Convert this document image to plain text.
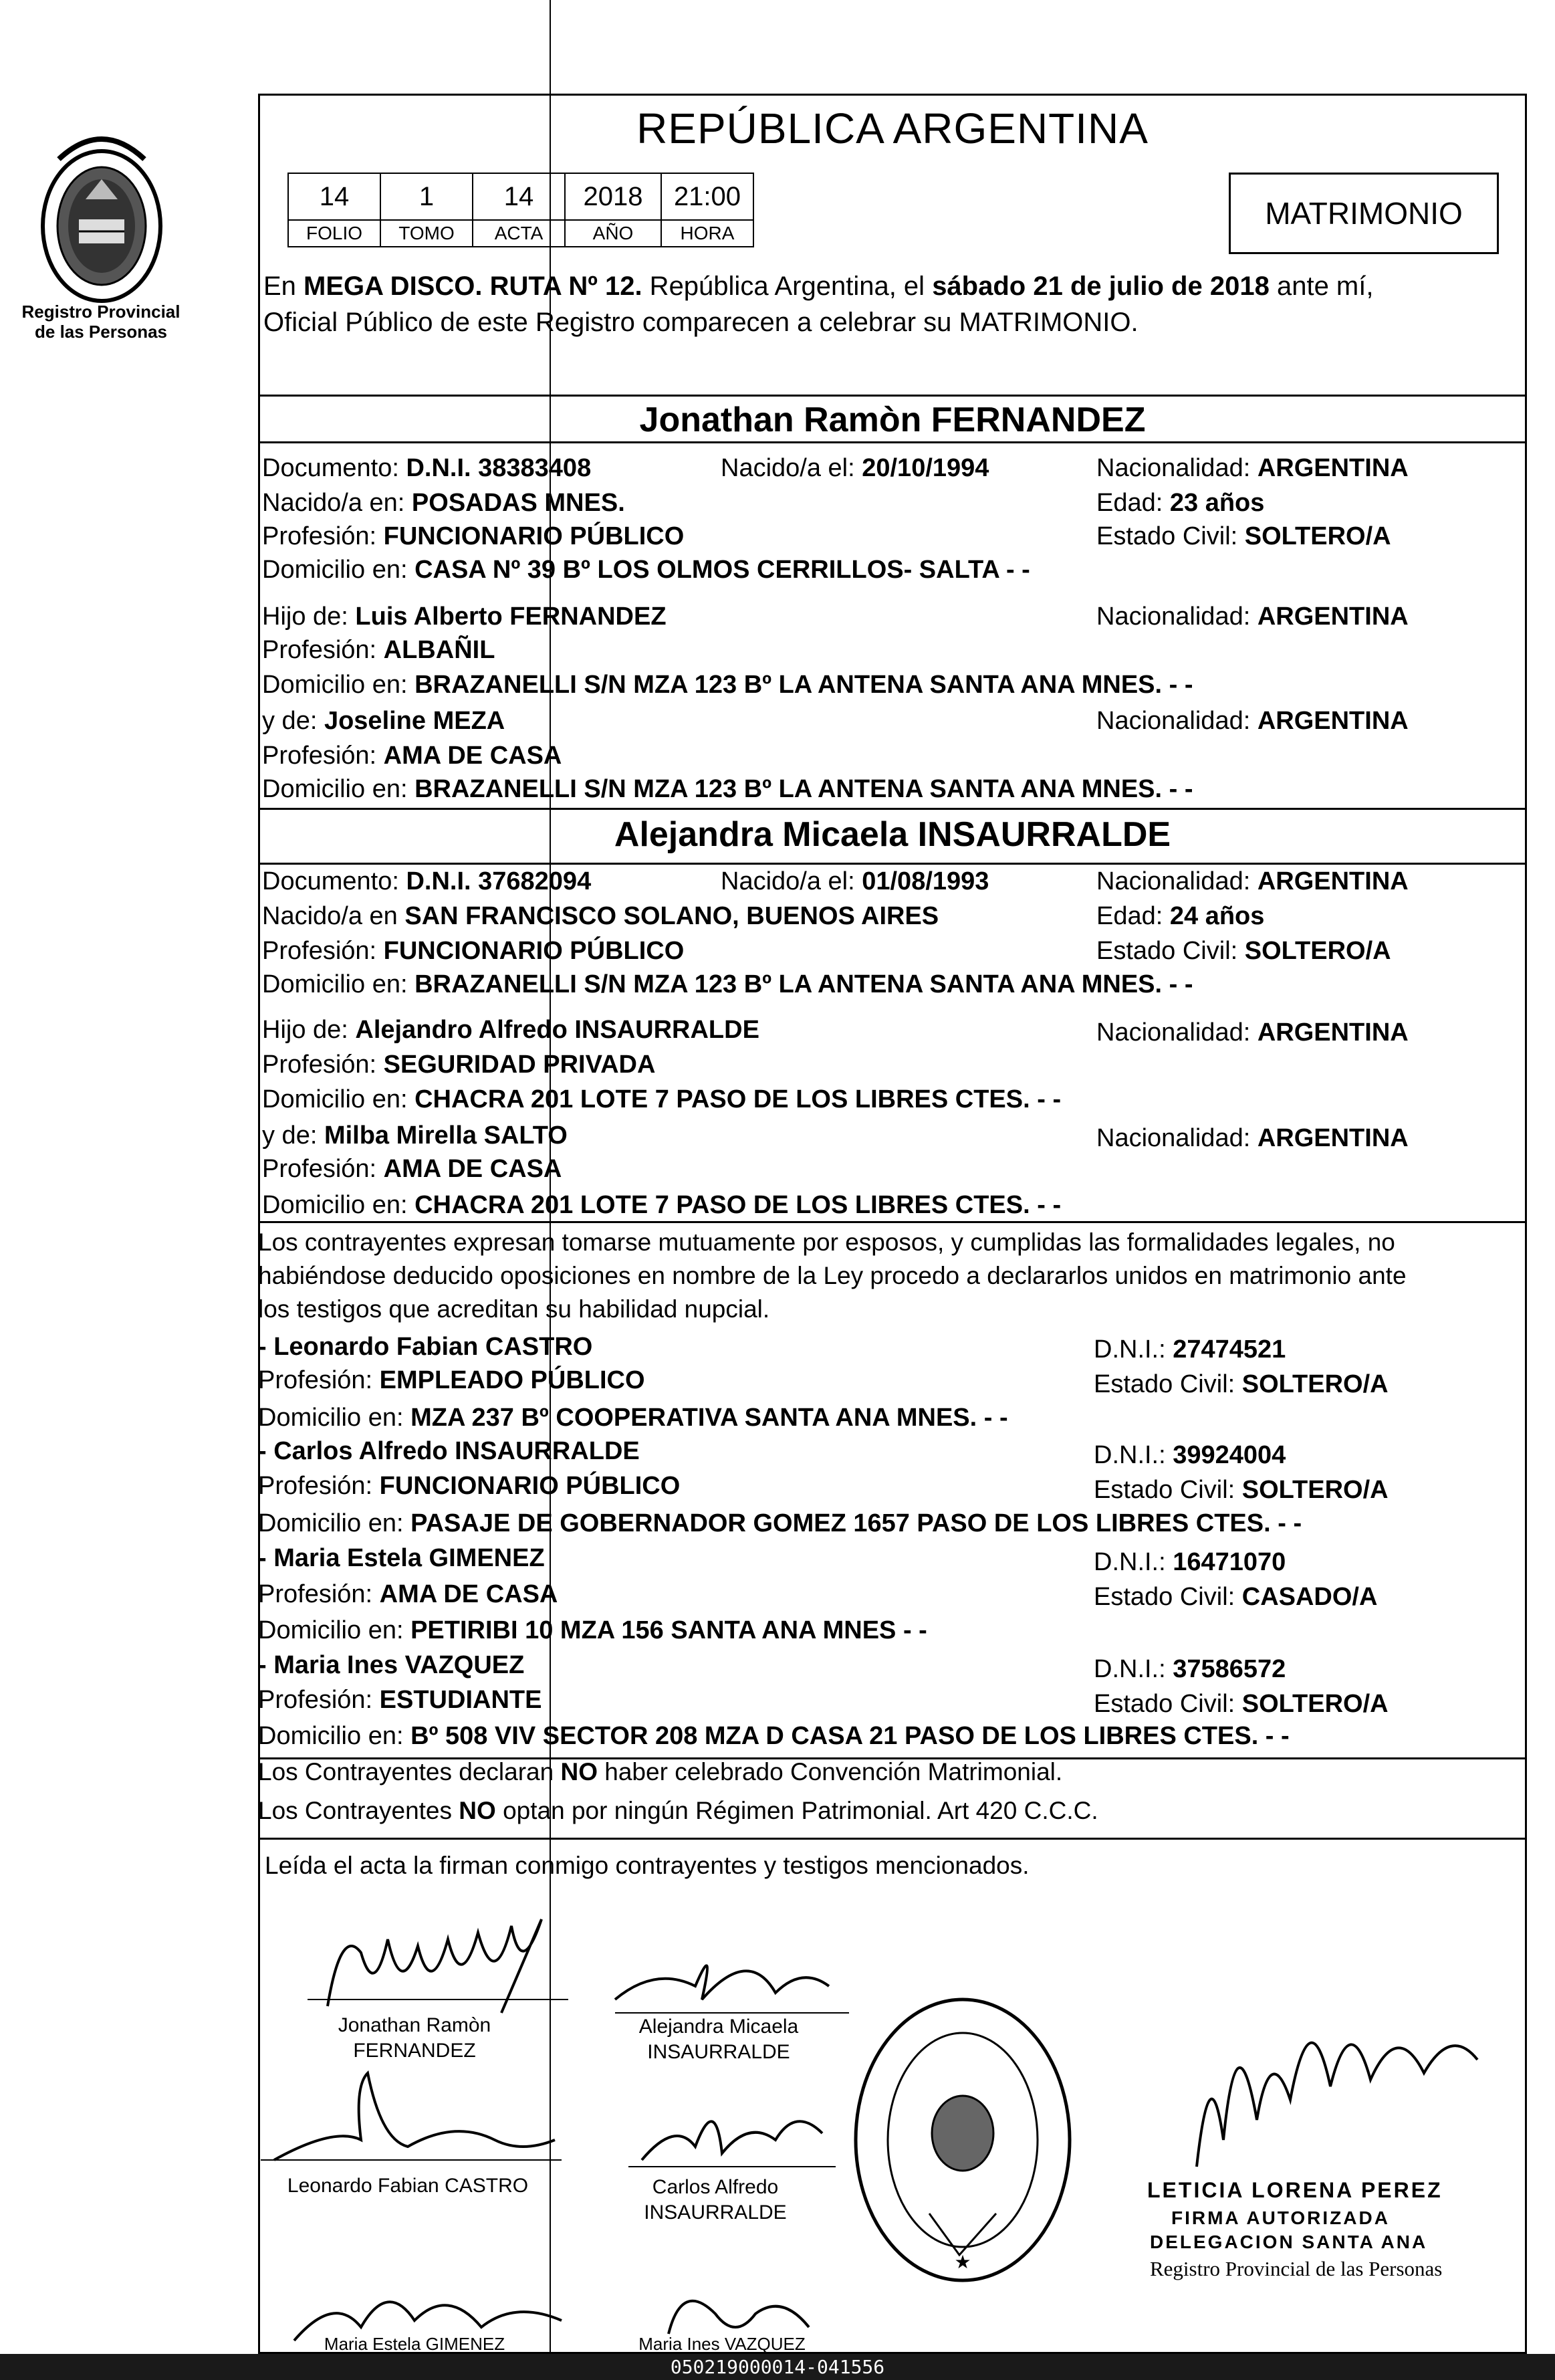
Registro Provincial
de las Personas
REPÚBLICA ARGENTINA
14	1	14	2018	21:00
FOLIO	TOMO	ACTA	AÑO	HORA
MATRIMONIO
En MEGA DISCO. RUTA Nº 12. República Argentina, el sábado 21 de julio de 2018 ante mí,
Oficial Público de este Registro comparecen a celebrar su MATRIMONIO.
Jonathan Ramòn FERNANDEZ
Documento: D.N.I. 38383408	Nacido/a el: 20/10/1994	Nacionalidad: ARGENTINA
Nacido/a en: POSADAS MNES.	Edad: 23 años
Profesión: FUNCIONARIO PÚBLICO	Estado Civil: SOLTERO/A
Domicilio en: CASA Nº 39 Bº LOS OLMOS CERRILLOS- SALTA - -
Hijo de: Luis Alberto FERNANDEZ	Nacionalidad: ARGENTINA
Profesión: ALBAÑIL
Domicilio en: BRAZANELLI S/N MZA 123 Bº LA ANTENA SANTA ANA MNES. - -
y de: Joseline MEZA	Nacionalidad: ARGENTINA
Profesión: AMA DE CASA
Domicilio en: BRAZANELLI S/N MZA 123 Bº LA ANTENA SANTA ANA MNES. - -
Alejandra Micaela INSAURRALDE
Documento: D.N.I. 37682094	Nacido/a el: 01/08/1993	Nacionalidad: ARGENTINA
Nacido/a en SAN FRANCISCO SOLANO, BUENOS AIRES	Edad: 24 años
Profesión: FUNCIONARIO PÚBLICO	Estado Civil: SOLTERO/A
Domicilio en: BRAZANELLI S/N MZA 123 Bº LA ANTENA SANTA ANA MNES. - -
Hijo de: Alejandro Alfredo INSAURRALDE	Nacionalidad: ARGENTINA
Profesión: SEGURIDAD PRIVADA
Domicilio en: CHACRA 201 LOTE 7 PASO DE LOS LIBRES CTES. - -
y de: Milba Mirella SALTO	Nacionalidad: ARGENTINA
Profesión: AMA DE CASA
Domicilio en: CHACRA 201 LOTE 7 PASO DE LOS LIBRES CTES. - -
Los contrayentes expresan tomarse mutuamente por esposos, y cumplidas las formalidades legales, no
habiéndose deducido oposiciones en nombre de la Ley procedo a declararlos unidos en matrimonio ante
los testigos que acreditan su habilidad nupcial.
- Leonardo Fabian CASTRO	D.N.I.: 27474521
Profesión: EMPLEADO PÚBLICO	Estado Civil: SOLTERO/A
Domicilio en: MZA 237 Bº COOPERATIVA SANTA ANA MNES. - -
- Carlos Alfredo INSAURRALDE	D.N.I.: 39924004
Profesión: FUNCIONARIO PÚBLICO	Estado Civil: SOLTERO/A
Domicilio en: PASAJE DE GOBERNADOR GOMEZ 1657 PASO DE LOS LIBRES CTES. - -
- Maria Estela GIMENEZ	D.N.I.: 16471070
Profesión: AMA DE CASA	Estado Civil: CASADO/A
Domicilio en: PETIRIBI 10 MZA 156 SANTA ANA MNES - -
- Maria Ines VAZQUEZ	D.N.I.: 37586572
Profesión: ESTUDIANTE	Estado Civil: SOLTERO/A
Domicilio en: Bº 508 VIV SECTOR 208 MZA D CASA 21 PASO DE LOS LIBRES CTES. - -
Los Contrayentes declaran NO haber celebrado Convención Matrimonial.
Los Contrayentes NO optan por ningún Régimen Patrimonial. Art 420 C.C.C.
Leída el acta la firman conmigo contrayentes y testigos mencionados.
Jonathan Ramòn
FERNANDEZ
Alejandra Micaela
INSAURRALDE
Leonardo Fabian CASTRO	Carlos Alfredo
INSAURRALDE
Maria Estela GIMENEZ	Maria Ines VAZQUEZ
★
LETICIA LORENA PEREZ
FIRMA AUTORIZADA
DELEGACION SANTA ANA
Registro Provincial de las Personas
050219000014-041556
